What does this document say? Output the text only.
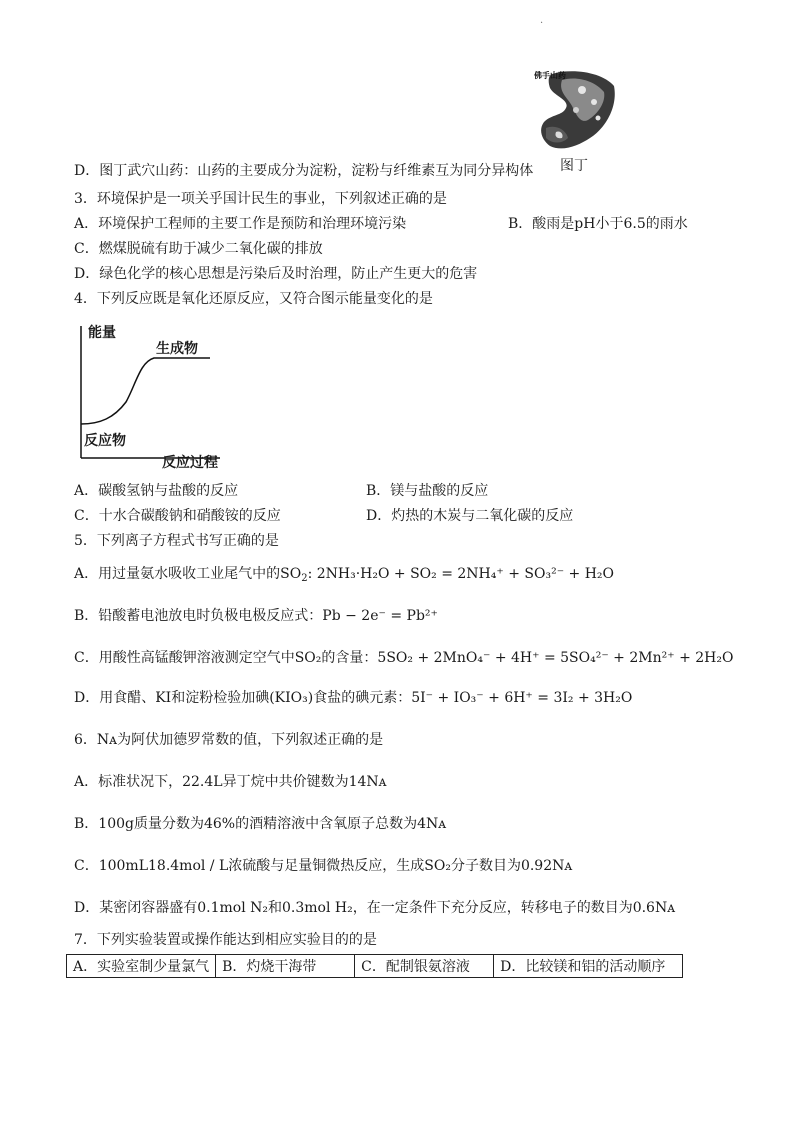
·
佛手山药
图丁
D．图丁武穴山药：山药的主要成分为淀粉，淀粉与纤维素互为同分异构体
3．环境保护是一项关乎国计民生的事业，下列叙述正确的是
A．环境保护工程师的主要工作是预防和治理环境污染	B．酸雨是pH小于6.5的雨水
C．燃煤脱硫有助于减少二氧化碳的排放
D．绿色化学的核心思想是污染后及时治理，防止产生更大的危害
4．下列反应既是氧化还原反应，又符合图示能量变化的是
能量
生成物
反应物
反应过程
A．碳酸氢钠与盐酸的反应	B．镁与盐酸的反应
C．十水合碳酸钠和硝酸铵的反应	D．灼热的木炭与二氧化碳的反应
5．下列离子方程式书写正确的是
A．用过量氨水吸收工业尾气中的$SO_2$: 2NH₃·H₂O + SO₂ = 2NH₄⁺ + SO₃²⁻ + H₂O
B．铅酸蓄电池放电时负极电极反应式：Pb − 2e⁻ = Pb²⁺
C．用酸性高锰酸钾溶液测定空气中SO₂的含量：5SO₂ + 2MnO₄⁻ + 4H⁺ = 5SO₄²⁻ + 2Mn²⁺ + 2H₂O
D．用食醋、KI和淀粉检验加碘(KIO₃)食盐的碘元素：5I⁻ + IO₃⁻ + 6H⁺ = 3I₂ + 3H₂O
6．Nᴀ为阿伏加德罗常数的值，下列叙述正确的是
A．标准状况下，22.4L异丁烷中共价键数为14Nᴀ
B．100g质量分数为46%的酒精溶液中含氧原子总数为4Nᴀ
C．100mL18.4mol / L浓硫酸与足量铜微热反应，生成SO₂分子数目为0.92Nᴀ
D．某密闭容器盛有0.1mol N₂和0.3mol H₂，在一定条件下充分反应，转移电子的数目为0.6Nᴀ
7．下列实验装置或操作能达到相应实验目的的是
A．实验室制少量氯气	B．灼烧干海带	C．配制银氨溶液	D．比较镁和铝的活动顺序
